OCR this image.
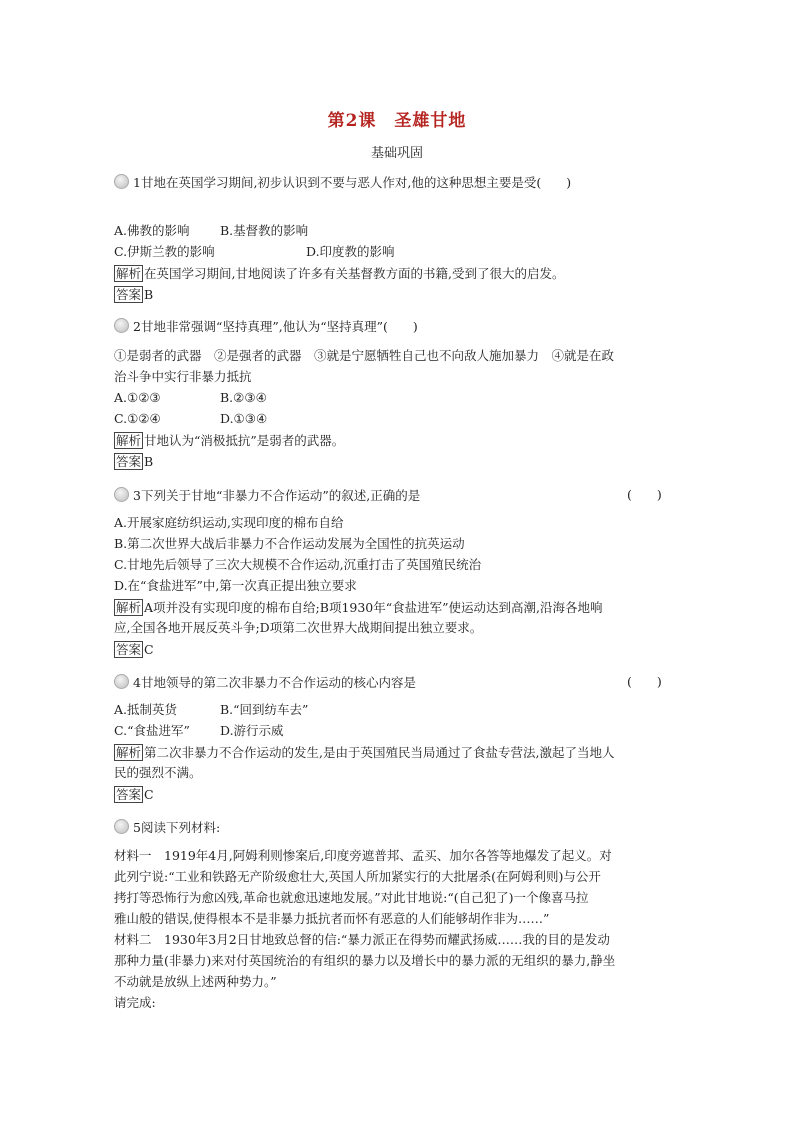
第2课　圣雄甘地
基础巩固
1甘地在英国学习期间,初步认识到不要与恶人作对,他的这种思想主要是受(　　)
A.佛教的影响 B.基督教的影响
C.伊斯兰教的影响	D.印度教的影响
解析 在英国学习期间,甘地阅读了许多有关基督教方面的书籍,受到了很大的启发。
答案 B
2甘地非常强调“坚持真理”,他认为“坚持真理”(　　)
①是弱者的武器　②是强者的武器　③就是宁愿牺牲自己也不向敌人施加暴力　④就是在政
治斗争中实行非暴力抵抗
A.①②③	B.②③④
C.①②④	D.①③④
解析 甘地认为“消极抵抗”是弱者的武器。
答案 B
3下列关于甘地“非暴力不合作运动”的叙述,正确的是	(　　)
A.开展家庭纺织运动,实现印度的棉布自给
B.第二次世界大战后非暴力不合作运动发展为全国性的抗英运动
C.甘地先后领导了三次大规模不合作运动,沉重打击了英国殖民统治
D.在“食盐进军”中,第一次真正提出独立要求
解析 A项并没有实现印度的棉布自给;B项1930年“食盐进军”使运动达到高潮,沿海各地响
应,全国各地开展反英斗争;D项第二次世界大战期间提出独立要求。
答案 C
4甘地领导的第二次非暴力不合作运动的核心内容是	(　　)
A.抵制英货	B.“回到纺车去”
C.“食盐进军” D.游行示威
解析 第二次非暴力不合作运动的发生,是由于英国殖民当局通过了食盐专营法,激起了当地人
民的强烈不满。
答案 C
5阅读下列材料:
材料一　1919年4月,阿姆利则惨案后,印度旁遮普邦、孟买、加尔各答等地爆发了起义。对
此列宁说:“工业和铁路无产阶级愈壮大,英国人所加紧实行的大批屠杀(在阿姆利则)与公开
拷打等恐怖行为愈凶残,革命也就愈迅速地发展。”对此甘地说:“(自己犯了)一个像喜马拉
雅山般的错误,使得根本不是非暴力抵抗者而怀有恶意的人们能够胡作非为……”
材料二　1930年3月2日甘地致总督的信:“暴力派正在得势而耀武扬威……我的目的是发动
那种力量(非暴力)来对付英国统治的有组织的暴力以及增长中的暴力派的无组织的暴力,静坐
不动就是放纵上述两种势力。”
请完成:
